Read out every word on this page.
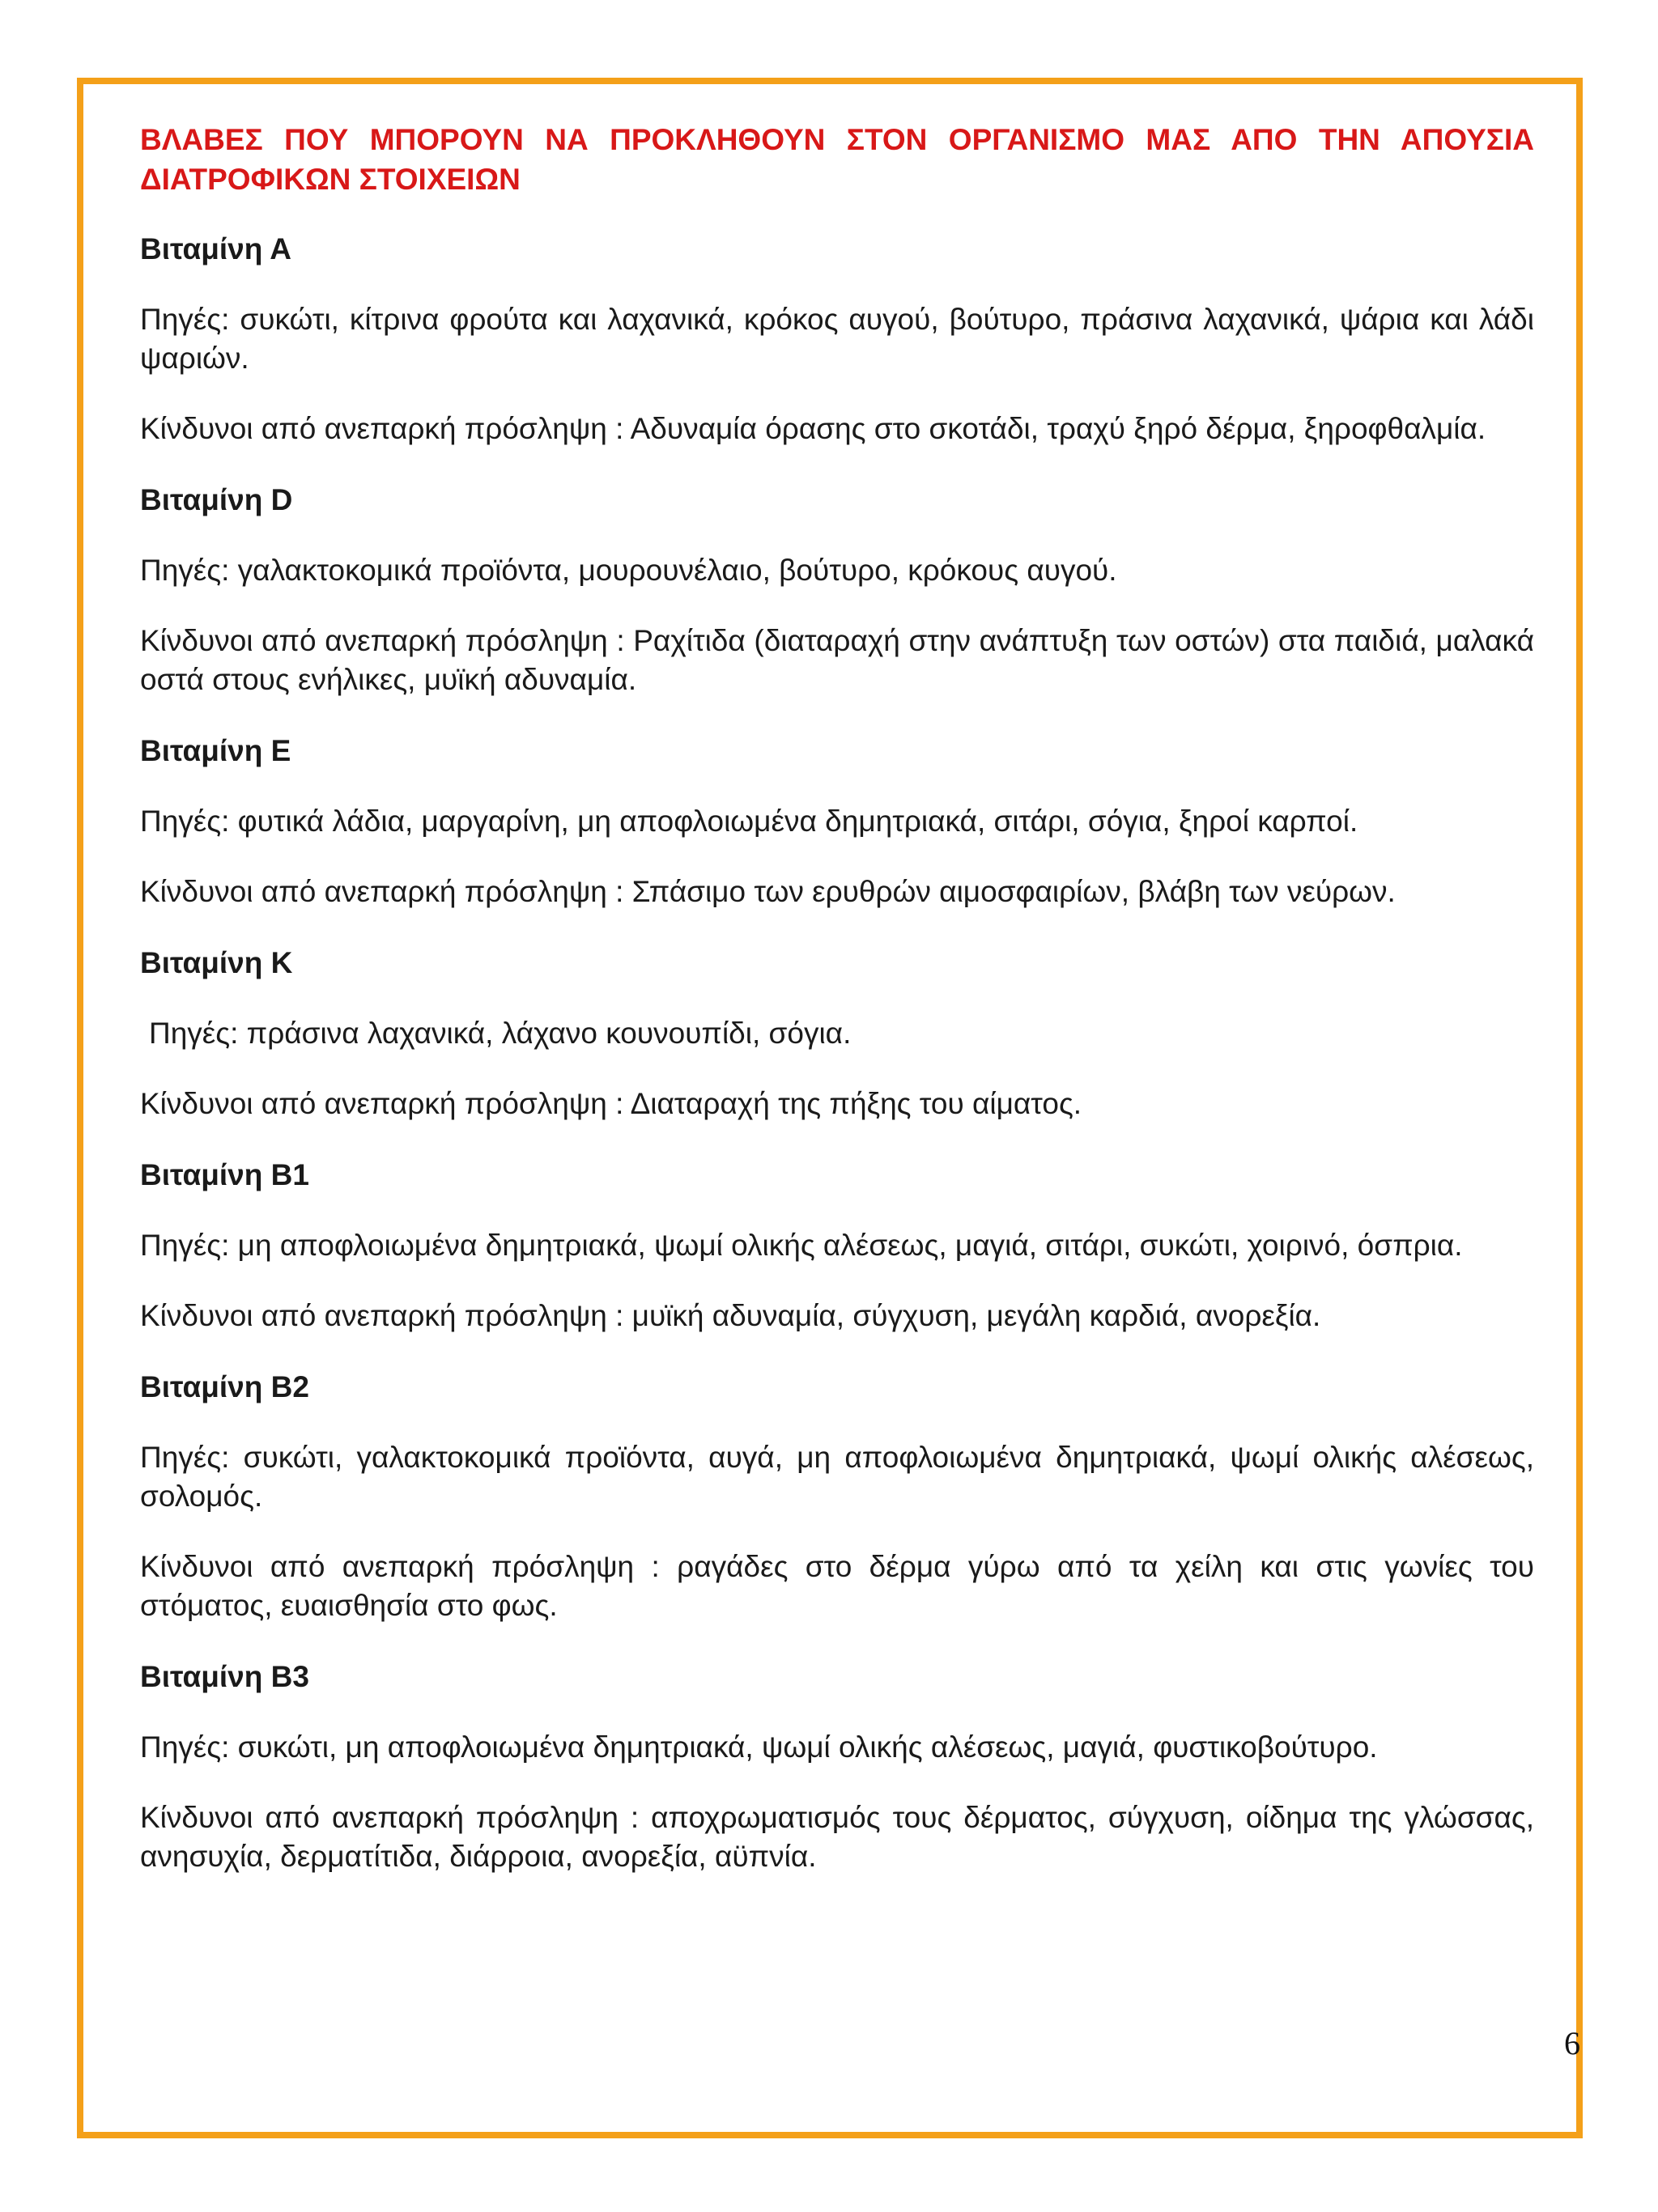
ΒΛΑΒΕΣ ΠΟΥ ΜΠΟΡΟΥΝ ΝΑ ΠΡΟΚΛΗΘΟΥΝ ΣΤΟΝ ΟΡΓΑΝΙΣΜΟ ΜΑΣ ΑΠΟ ΤΗΝ ΑΠΟΥΣΙΑ ΔΙΑΤΡΟΦΙΚΩΝ ΣΤΟΙΧΕΙΩΝ
Βιταμίνη Α

Πηγές: συκώτι, κίτρινα φρούτα και λαχανικά, κρόκος αυγού, βούτυρο, πράσινα λαχανικά, ψάρια και λάδι ψαριών.

Κίνδυνοι από ανεπαρκή πρόσληψη : Αδυναμία όρασης στο σκοτάδι, τραχύ ξηρό δέρμα, ξηροφθαλμία.

Βιταμίνη D

Πηγές: γαλακτοκομικά προϊόντα, μουρουνέλαιο, βούτυρο, κρόκους αυγού.

Κίνδυνοι από ανεπαρκή πρόσληψη : Ραχίτιδα (διαταραχή στην ανάπτυξη των οστών) στα παιδιά, μαλακά οστά στους ενήλικες, μυϊκή αδυναμία.

Βιταμίνη Ε

Πηγές: φυτικά λάδια, μαργαρίνη, μη αποφλοιωμένα δημητριακά, σιτάρι, σόγια, ξηροί καρποί.

Κίνδυνοι από ανεπαρκή πρόσληψη : Σπάσιμο των ερυθρών αιμοσφαιρίων, βλάβη των νεύρων.

Βιταμίνη Κ

Πηγές: πράσινα λαχανικά, λάχανο κουνουπίδι, σόγια.

Κίνδυνοι από ανεπαρκή πρόσληψη : Διαταραχή της πήξης του αίματος.

Βιταμίνη Β1

Πηγές: μη αποφλοιωμένα δημητριακά, ψωμί ολικής αλέσεως, μαγιά, σιτάρι, συκώτι, χοιρινό, όσπρια.

Κίνδυνοι από ανεπαρκή πρόσληψη : μυϊκή αδυναμία, σύγχυση, μεγάλη καρδιά, ανορεξία.

Βιταμίνη Β2

Πηγές: συκώτι, γαλακτοκομικά προϊόντα, αυγά, μη αποφλοιωμένα δημητριακά, ψωμί ολικής αλέσεως, σολομός.

Κίνδυνοι από ανεπαρκή πρόσληψη : ραγάδες στο δέρμα γύρω από τα χείλη και στις γωνίες του στόματος, ευαισθησία στο φως.

Βιταμίνη Β3

Πηγές: συκώτι, μη αποφλοιωμένα δημητριακά, ψωμί ολικής αλέσεως, μαγιά, φυστικοβούτυρο.

Κίνδυνοι από ανεπαρκή πρόσληψη : αποχρωματισμός τους δέρματος, σύγχυση, οίδημα της γλώσσας, ανησυχία, δερματίτιδα, διάρροια, ανορεξία, αϋπνία.

6
